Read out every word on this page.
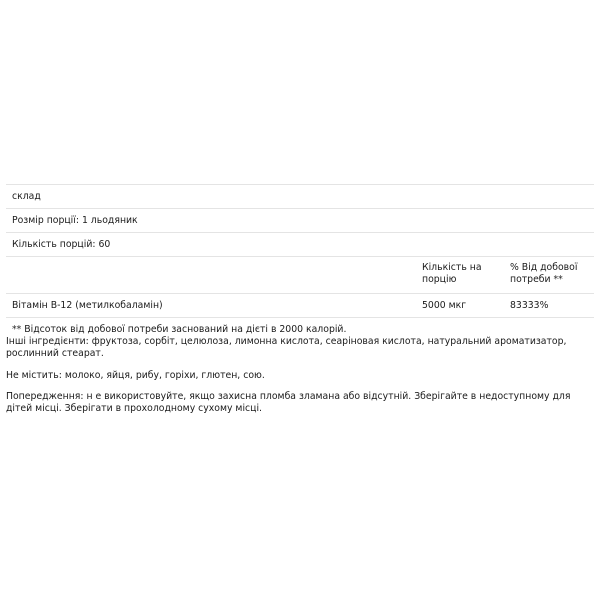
склад
Розмір порції: 1 льодяник
Кількість порцій: 60
Кількість на порцію
% Від добової потреби **
Вітамін B-12 (метилкобаламін)	5000 мкг	83333%
** Відсоток від добової потреби заснований на дієті в 2000 калорій.
Інші інгредієнти: фруктоза, сорбіт, целюлоза, лимонна кислота, сеаріновая кислота, натуральний ароматизатор, рослинний стеарат.
Не містить: молоко, яйця, рибу, горіхи, глютен, сою.
Попередження: н е використовуйте, якщо захисна пломба зламана або відсутній. Зберігайте в недоступному для дітей місці. Зберігати в прохолодному сухому місці.
